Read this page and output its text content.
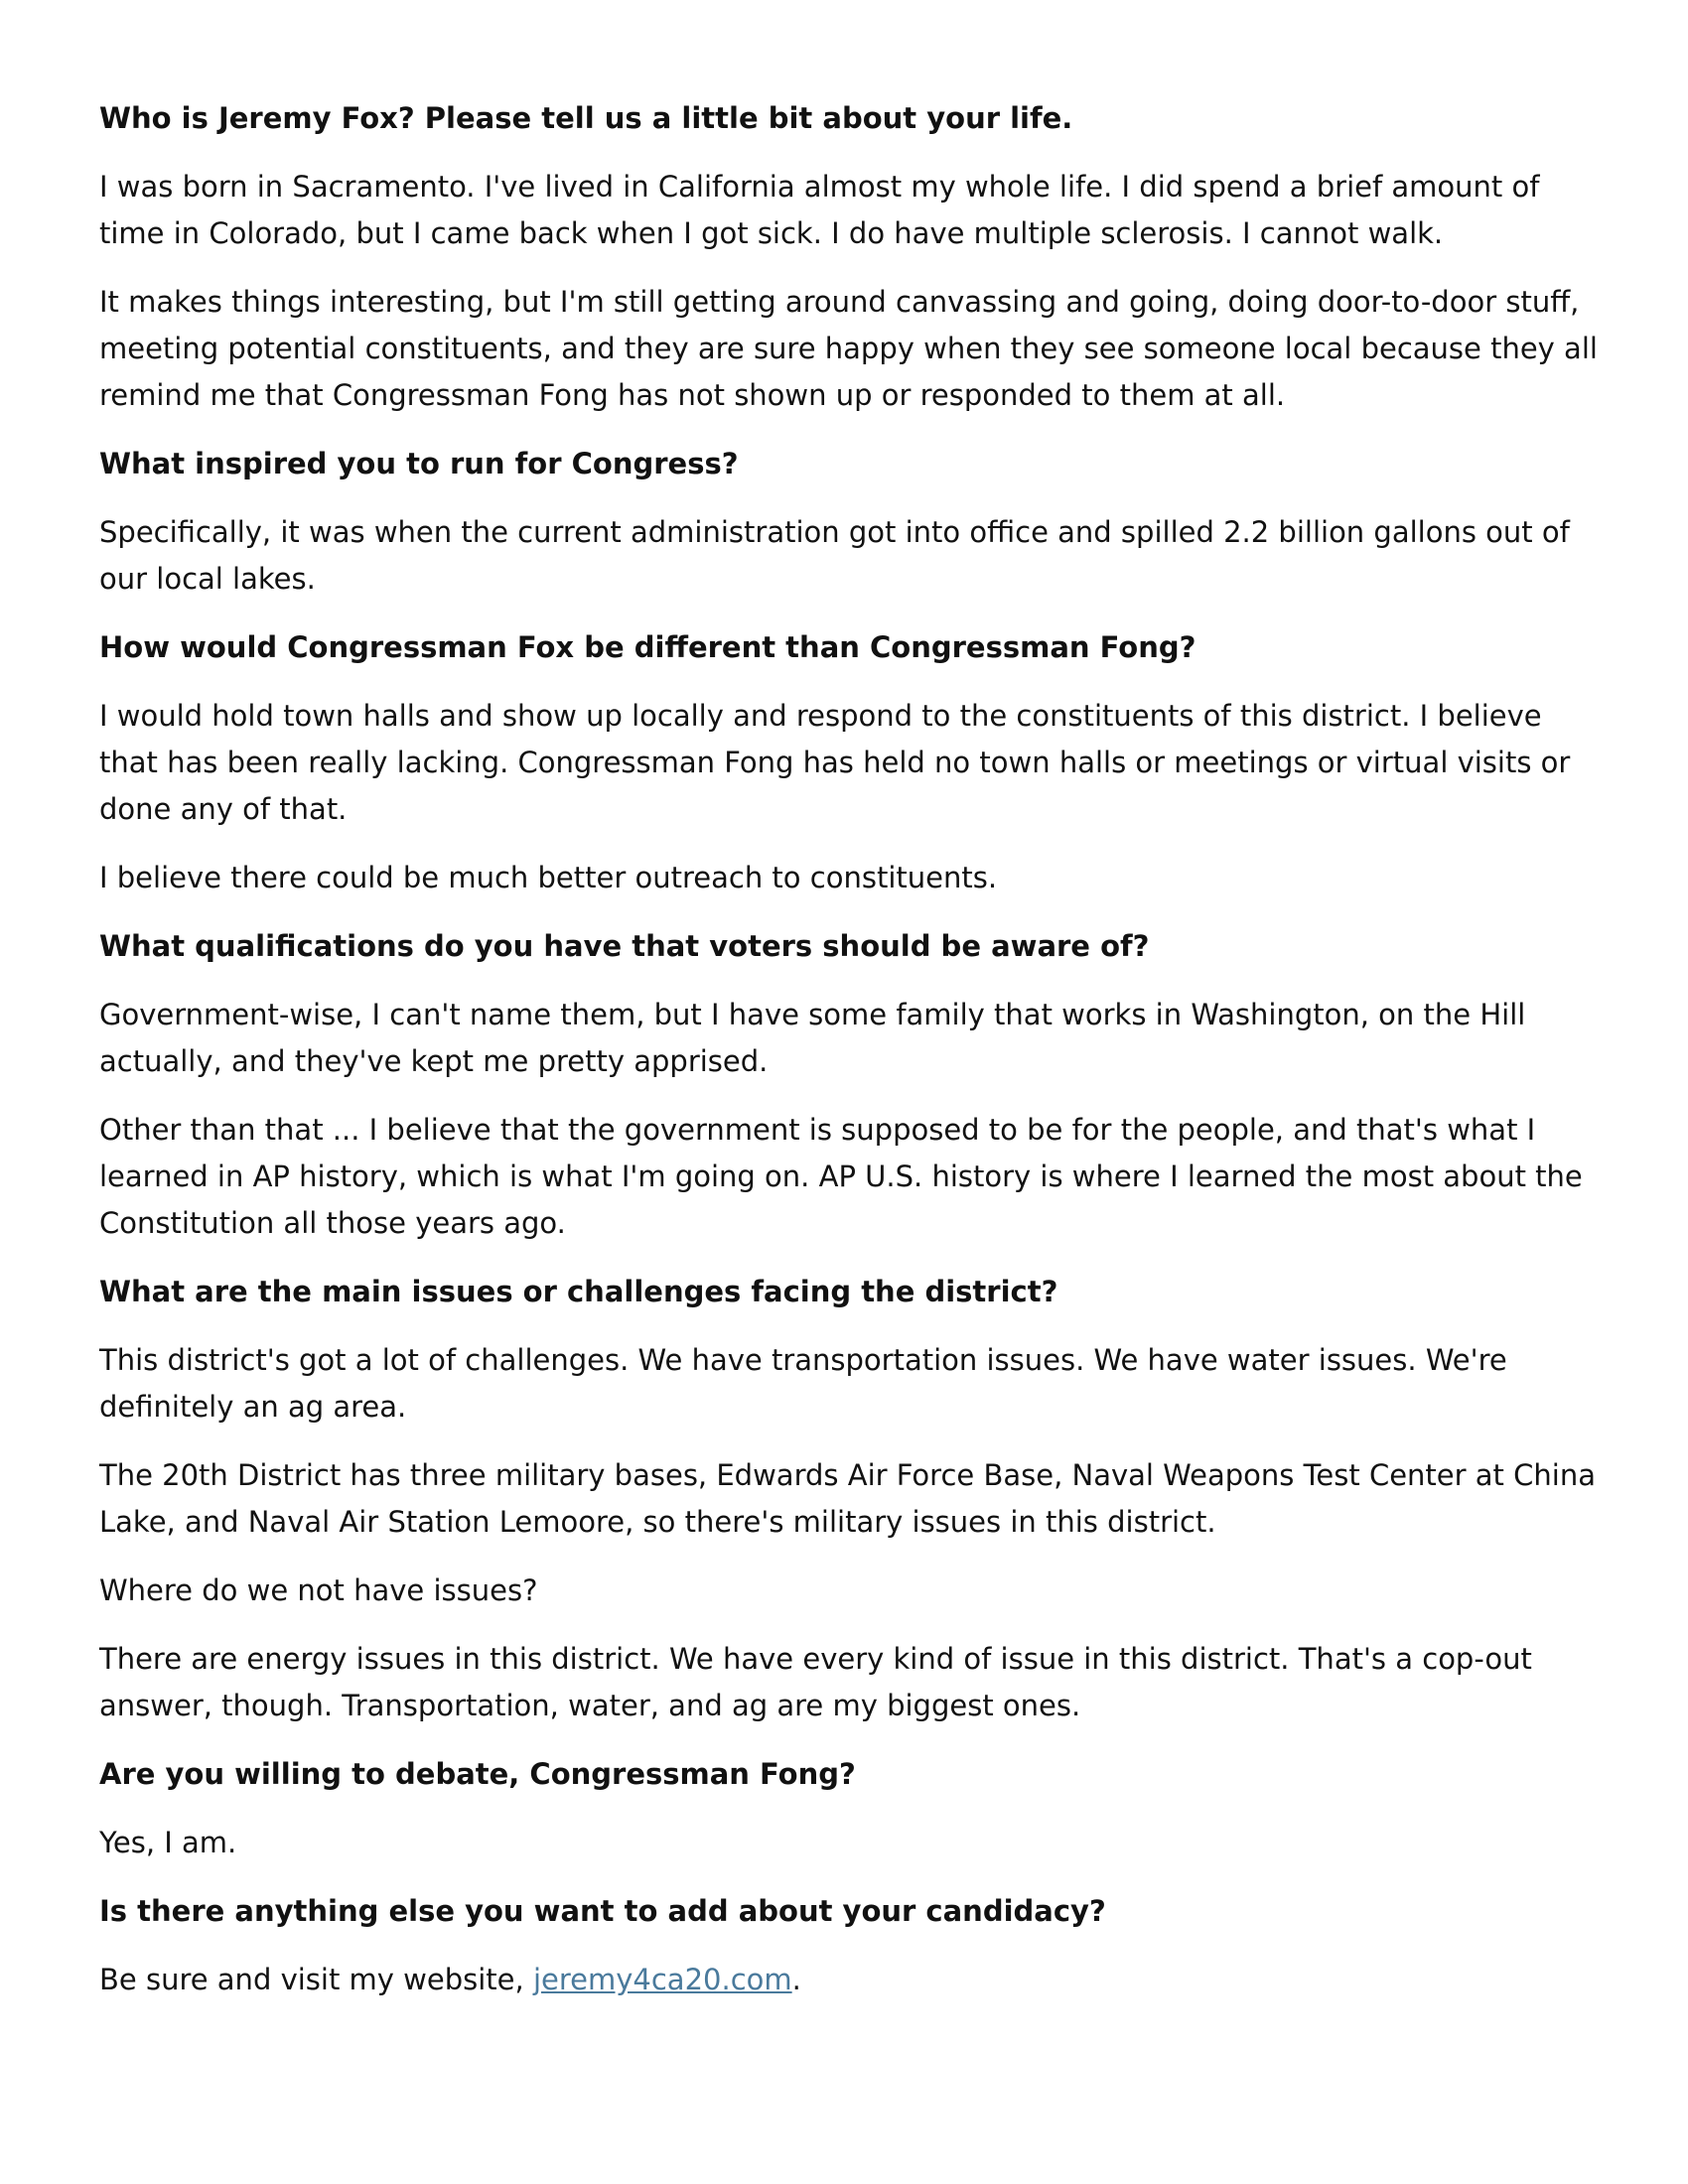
Who is Jeremy Fox? Please tell us a little bit about your life.

I was born in Sacramento. I've lived in California almost my whole life. I did spend a brief amount of time in Colorado, but I came back when I got sick. I do have multiple sclerosis. I cannot walk.

It makes things interesting, but I'm still getting around canvassing and going, doing door-to-door stuff, meeting potential constituents, and they are sure happy when they see someone local because they all remind me that Congressman Fong has not shown up or responded to them at all.

What inspired you to run for Congress?

Specifically, it was when the current administration got into office and spilled 2.2 billion gallons out of our local lakes.

How would Congressman Fox be different than Congressman Fong?

I would hold town halls and show up locally and respond to the constituents of this district. I believe that has been really lacking. Congressman Fong has held no town halls or meetings or virtual visits or done any of that.

I believe there could be much better outreach to constituents.

What qualifications do you have that voters should be aware of?

Government-wise, I can't name them, but I have some family that works in Washington, on the Hill actually, and they've kept me pretty apprised.

Other than that ... I believe that the government is supposed to be for the people, and that's what I learned in AP history, which is what I'm going on. AP U.S. history is where I learned the most about the Constitution all those years ago.

What are the main issues or challenges facing the district?

This district's got a lot of challenges. We have transportation issues. We have water issues. We're definitely an ag area.

The 20th District has three military bases, Edwards Air Force Base, Naval Weapons Test Center at China Lake, and Naval Air Station Lemoore, so there's military issues in this district.

Where do we not have issues?

There are energy issues in this district. We have every kind of issue in this district. That's a cop-out answer, though. Transportation, water, and ag are my biggest ones.

Are you willing to debate, Congressman Fong?

Yes, I am.

Is there anything else you want to add about your candidacy?

Be sure and visit my website, jeremy4ca20.com.
